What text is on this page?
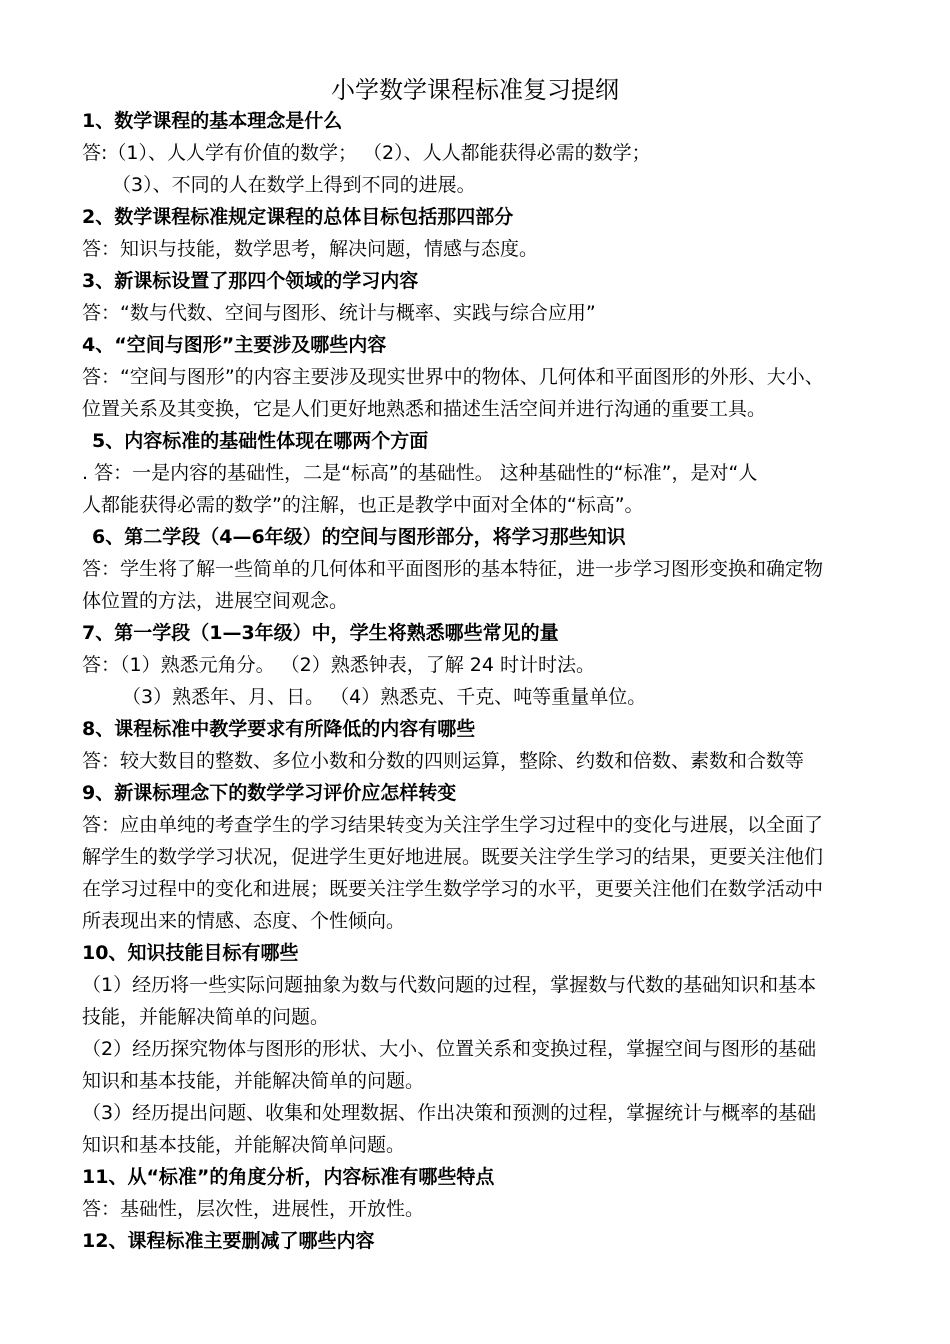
小学数学课程标准复习提纲
1、数学课程的基本理念是什么
答:（1）、人人学有价值的数学； （2）、人人都能获得必需的数学；
（3）、不同的人在数学上得到不同的进展。
2、数学课程标准规定课程的总体目标包括那四部分
答：知识与技能，数学思考，解决问题，情感与态度。
3、新课标设置了那四个领域的学习内容
答：“数与代数、空间与图形、统计与概率、实践与综合应用”
4、“空间与图形”主要涉及哪些内容
答：“空间与图形”的内容主要涉及现实世界中的物体、几何体和平面图形的外形、大小、
位置关系及其变换，它是人们更好地熟悉和描述生活空间并进行沟通的重要工具。
5、内容标准的基础性体现在哪两个方面
. 答：一是内容的基础性，二是“标高”的基础性。 这种基础性的“标准”，是对“人
人都能获得必需的数学”的注解，也正是教学中面对全体的“标高”。
6、第二学段（4—6年级）的空间与图形部分，将学习那些知识
答：学生将了解一些简单的几何体和平面图形的基本特征，进一步学习图形变换和确定物
体位置的方法，进展空间观念。
7、第一学段（1—3年级）中，学生将熟悉哪些常见的量
答：（1）熟悉元角分。 （2）熟悉钟表，了解 24 时计时法。
（3）熟悉年、月、日。 （4）熟悉克、千克、吨等重量单位。
8、课程标准中教学要求有所降低的内容有哪些
答：较大数目的整数、多位小数和分数的四则运算，整除、约数和倍数、素数和合数等
9、新课标理念下的数学学习评价应怎样转变
答：应由单纯的考查学生的学习结果转变为关注学生学习过程中的变化与进展，以全面了
解学生的数学学习状况，促进学生更好地进展。既要关注学生学习的结果，更要关注他们
在学习过程中的变化和进展；既要关注学生数学学习的水平，更要关注他们在数学活动中
所表现出来的情感、态度、个性倾向。
10、知识技能目标有哪些
（1）经历将一些实际问题抽象为数与代数问题的过程，掌握数与代数的基础知识和基本
技能，并能解决简单的问题。
（2）经历探究物体与图形的形状、大小、位置关系和变换过程，掌握空间与图形的基础
知识和基本技能，并能解决简单的问题。
（3）经历提出问题、收集和处理数据、作出决策和预测的过程，掌握统计与概率的基础
知识和基本技能，并能解决简单问题。
11、从“标准”的角度分析，内容标准有哪些特点
答：基础性，层次性，进展性，开放性。
12、课程标准主要删减了哪些内容
